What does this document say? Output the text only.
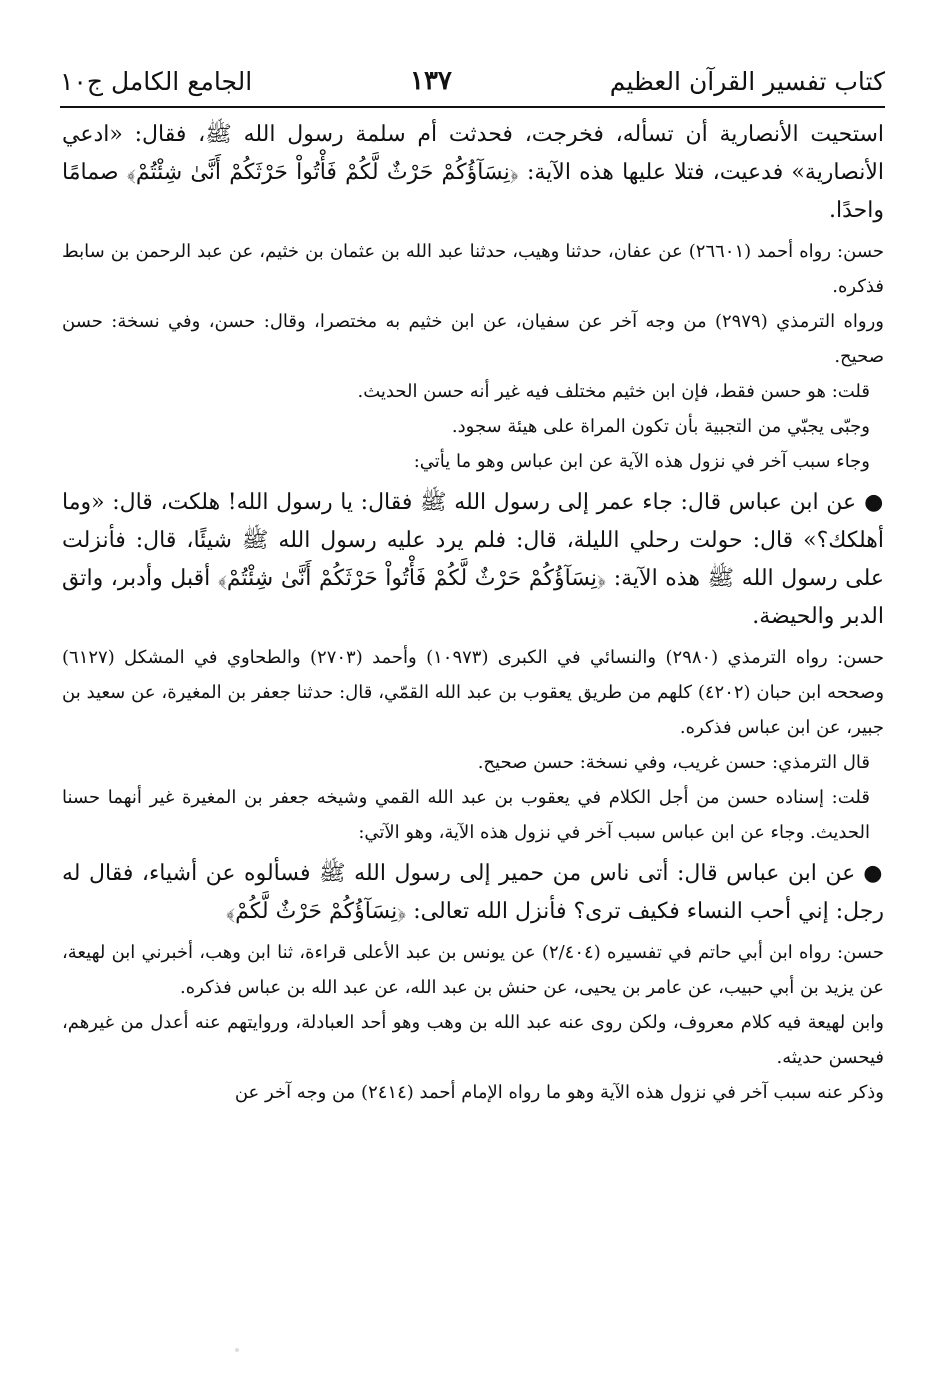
كتاب تفسير القرآن العظيم
١٣٧
الجامع الكامل ج١٠

استحيت الأنصارية أن تسأله، فخرجت، فحدثت أم سلمة رسول الله ﷺ، فقال: «ادعي الأنصارية» فدعيت، فتلا عليها هذه الآية: ﴿نِسَآؤُكُمْ حَرْثٌ لَّكُمْ فَأْتُواْ حَرْثَكُمْ أَنَّىٰ شِئْتُمْ﴾ صمامًا واحدًا.

حسن: رواه أحمد (٢٦٦٠١) عن عفان، حدثنا وهيب، حدثنا عبد الله بن عثمان بن خثيم، عن عبد الرحمن بن سابط فذكره.

ورواه الترمذي (٢٩٧٩) من وجه آخر عن سفيان، عن ابن خثيم به مختصرا، وقال: حسن، وفي نسخة: حسن صحيح.

قلت: هو حسن فقط، فإن ابن خثيم مختلف فيه غير أنه حسن الحديث.

وجبّى يجبّي من التجبية بأن تكون المراة على هيئة سجود.

وجاء سبب آخر في نزول هذه الآية عن ابن عباس وهو ما يأتي:

●عن ابن عباس قال: جاء عمر إلى رسول الله ﷺ فقال: يا رسول الله! هلكت، قال: «وما أهلكك؟» قال: حولت رحلي الليلة، قال: فلم يرد عليه رسول الله ﷺ شيئًا، قال: فأنزلت على رسول الله ﷺ هذه الآية: ﴿نِسَآؤُكُمْ حَرْثٌ لَّكُمْ فَأْتُواْ حَرْثَكُمْ أَنَّىٰ شِئْتُمْ﴾ أقبل وأدبر، واتق الدبر والحيضة.

حسن: رواه الترمذي (٢٩٨٠) والنسائي في الكبرى (١٠٩٧٣) وأحمد (٢٧٠٣) والطحاوي في المشكل (٦١٢٧) وصححه ابن حبان (٤٢٠٢) كلهم من طريق يعقوب بن عبد الله القمّي، قال: حدثنا جعفر بن المغيرة، عن سعيد بن جبير، عن ابن عباس فذكره.

قال الترمذي: حسن غريب، وفي نسخة: حسن صحيح.

قلت: إسناده حسن من أجل الكلام في يعقوب بن عبد الله القمي وشيخه جعفر بن المغيرة غير أنهما حسنا الحديث. وجاء عن ابن عباس سبب آخر في نزول هذه الآية، وهو الآتي:

●عن ابن عباس قال: أتى ناس من حمير إلى رسول الله ﷺ فسألوه عن أشياء، فقال له رجل: إني أحب النساء فكيف ترى؟ فأنزل الله تعالى: ﴿نِسَآؤُكُمْ حَرْثٌ لَّكُمْ﴾

حسن: رواه ابن أبي حاتم في تفسيره (٢/٤٠٤) عن يونس بن عبد الأعلى قراءة، ثنا ابن وهب، أخبرني ابن لهيعة، عن يزيد بن أبي حبيب، عن عامر بن يحيى، عن حنش بن عبد الله، عن عبد الله بن عباس فذكره.

وابن لهيعة فيه كلام معروف، ولكن روى عنه عبد الله بن وهب وهو أحد العبادلة، وروايتهم عنه أعدل من غيرهم، فيحسن حديثه.

وذكر عنه سبب آخر في نزول هذه الآية وهو ما رواه الإمام أحمد (٢٤١٤) من وجه آخر عن
